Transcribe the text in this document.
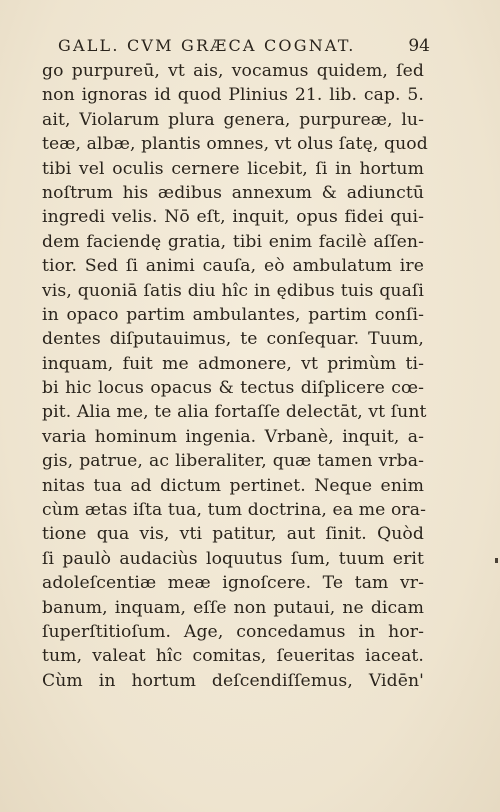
GALL. CVM GRÆCA COGNAT.	94
go purpureū, vt ais, vocamus quidem, ſed
non ignoras id quod Plinius 21. lib. cap. 5.
ait, Violarum plura genera, purpureæ, lu-
teæ, albæ, plantis omnes, vt olus ſatę, quod
tibi vel oculis cernere licebit, ſi in hortum
noſtrum his ædibus annexum & adiunctū
ingredi velis. Nō eſt, inquit, opus fidei qui-
dem faciendę gratia, tibi enim facilè aſſen-
tior. Sed ſi animi cauſa, eò ambulatum ire
vis, quoniā ſatis diu hîc in ędibus tuis quaſi
in opaco partim ambulantes, partim conſi-
dentes diſputauimus, te conſequar. Tuum,
inquam, fuit me admonere, vt primùm ti-
bi hic locus opacus & tectus diſplicere cœ-
pit. Alia me, te alia fortaſſe delectāt, vt ſunt
varia hominum ingenia. Vrbanè, inquit, a-
gis, patrue, ac liberaliter, quæ tamen vrba-
nitas tua ad dictum pertinet. Neque enim
cùm ætas iſta tua, tum doctrina, ea me ora-
tione qua vis, vti patitur, aut ſinit. Quòd
ſi paulò audaciùs loquutus ſum, tuum erit
adoleſcentiæ meæ ignoſcere. Te tam vr-
banum, inquam, eſſe non putaui, ne dicam
ſuperſtitioſum. Age, concedamus in hor-
tum, valeat hîc comitas, ſeueritas iaceat.
Cùm in hortum deſcendiſſemus, Vidēn'
